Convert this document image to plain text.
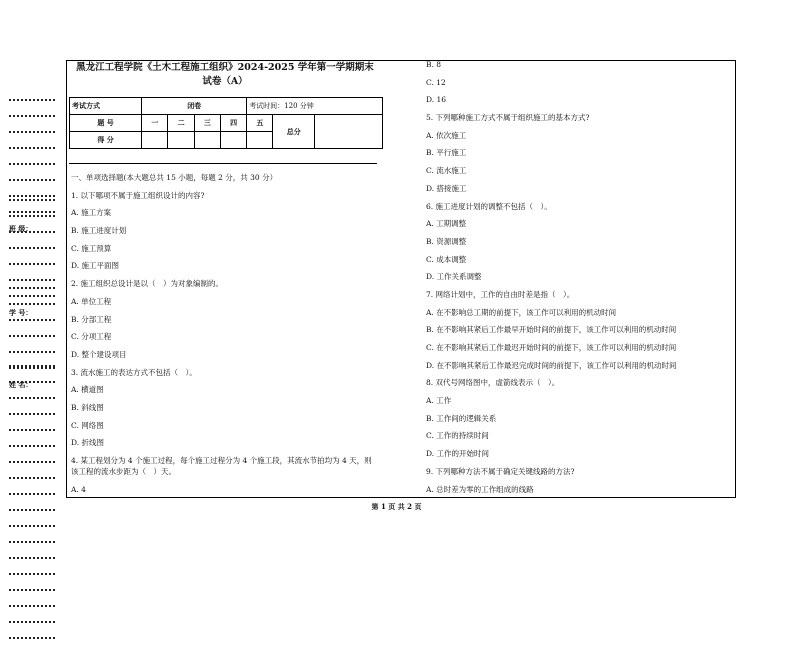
班 级：
学 号：
姓 名：
黑龙江工程学院《土木工程施工组织》2024-2025 学年第一学期期末
试卷（A）
考试方式	闭卷				考试时间：120 分钟		
题 号	一	二	三	四	五	总分	
得 分							
一、单项选择题(本大题总共 15 小题，每题 2 分，共 30 分）
1. 以下哪项不属于施工组织设计的内容?
A. 施工方案
B. 施工进度计划
C. 施工预算
D. 施工平面图
2. 施工组织总设计是以（　）为对象编制的。
A. 单位工程
B. 分部工程
C. 分项工程
D. 整个建设项目
3. 流水施工的表达方式不包括（　）。
A. 横道图
B. 斜线图
C. 网络图
D. 折线图
4. 某工程划分为 4 个施工过程，每个施工过程分为 4 个施工段，其流水节拍均为 4 天，则该工程的流水步距为（　）天。
A. 4
B. 8
C. 12
D. 16
5. 下列哪种施工方式不属于组织施工的基本方式?
A. 依次施工
B. 平行施工
C. 流水施工
D. 搭接施工
6. 施工进度计划的调整不包括（　）。
A. 工期调整
B. 资源调整
C. 成本调整
D. 工作关系调整
7. 网络计划中，工作的自由时差是指（　）。
A. 在不影响总工期的前提下，该工作可以利用的机动时间
B. 在不影响其紧后工作最早开始时间的前提下，该工作可以利用的机动时间
C. 在不影响其紧后工作最迟开始时间的前提下，该工作可以利用的机动时间
D. 在不影响其紧后工作最迟完成时间的前提下，该工作可以利用的机动时间
8. 双代号网络图中，虚箭线表示（　）。
A. 工作
B. 工作间的逻辑关系
C. 工作的持续时间
D. 工作的开始时间
9. 下列哪种方法不属于确定关键线路的方法?
A. 总时差为零的工作组成的线路
第 1 页 共 2 页
